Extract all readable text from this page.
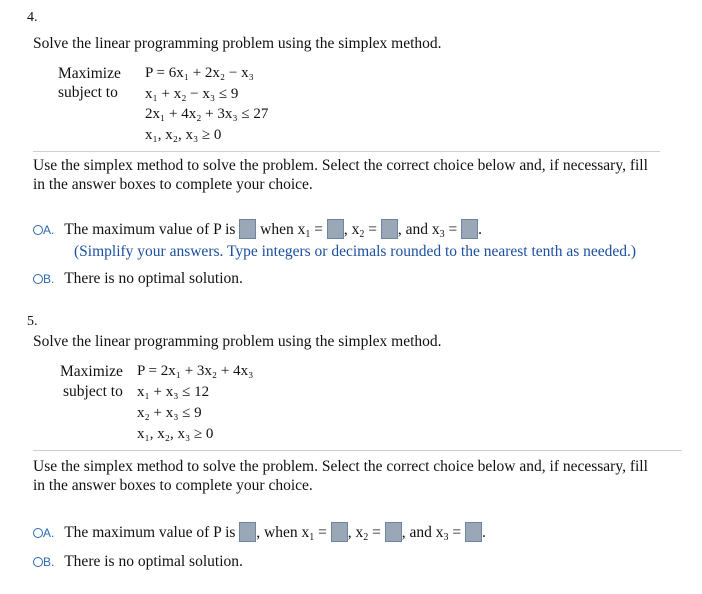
4.
Solve the linear programming problem using the simplex method.
Maximize
subject to
P = 6x₁ + 2x₂ − x₃
x₁ + x₂ − x₃ ≤ 9
2x₁ + 4x₂ + 3x₃ ≤ 27
x₁, x₂, x₃ ≥ 0
Use the simplex method to solve the problem. Select the correct choice below and, if necessary, fill
in the answer boxes to complete your choice.
A. The maximum value of P is when $x_1$ = , $x_2$ = , and $x_3$ = .
(Simplify your answers. Type integers or decimals rounded to the nearest tenth as needed.)
B. There is no optimal solution.
5.
Solve the linear programming problem using the simplex method.
Maximize
subject to
P = 2x₁ + 3x₂ + 4x₃
x₁ + x₃ ≤ 12
x₂ + x₃ ≤ 9
x₁, x₂, x₃ ≥ 0
Use the simplex method to solve the problem. Select the correct choice below and, if necessary, fill
in the answer boxes to complete your choice.
A. The maximum value of P is , when $x_1$ = , $x_2$ = , and $x_3$ = .
B. There is no optimal solution.
